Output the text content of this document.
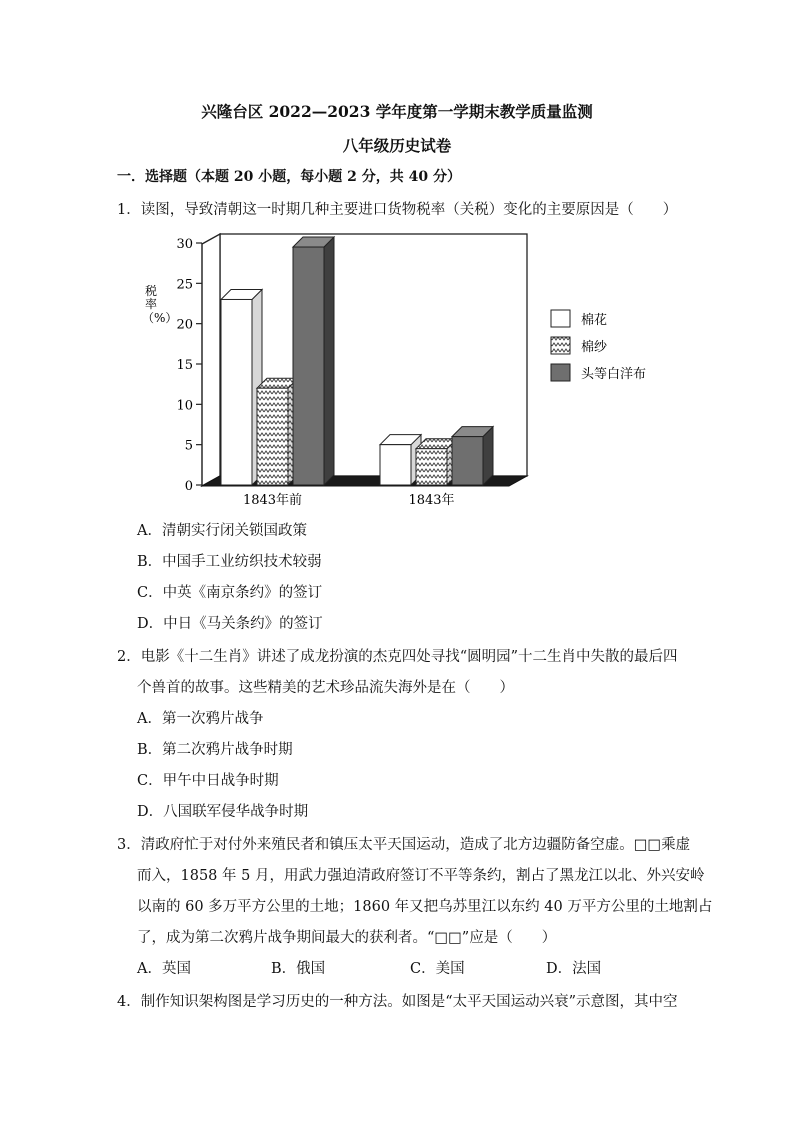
兴隆台区 2022—2023 学年度第一学期末教学质量监测
八年级历史试卷
一．选择题（本题 20 小题，每小题 2 分，共 40 分）
1．读图，导致清朝这一时期几种主要进口货物税率（关税）变化的主要原因是（　　）
0
5
10
15
20
25
30
1843年前	1843年
棉花
棉纱
头等白洋布
税
率
（%）
A．清朝实行闭关锁国政策
B．中国手工业纺织技术较弱
C．中英《南京条约》的签订
D．中日《马关条约》的签订
2．电影《十二生肖》讲述了成龙扮演的杰克四处寻找“圆明园”十二生肖中失散的最后四
个兽首的故事。这些精美的艺术珍品流失海外是在（　　）
A．第一次鸦片战争
B．第二次鸦片战争时期
C．甲午中日战争时期
D．八国联军侵华战争时期
3．清政府忙于对付外来殖民者和镇压太平天国运动，造成了北方边疆防备空虚。□□乘虚
而入，1858 年 5 月，用武力强迫清政府签订不平等条约，割占了黑龙江以北、外兴安岭
以南的 60 多万平方公里的土地；1860 年又把乌苏里江以东约 40 万平方公里的土地割占
了，成为第二次鸦片战争期间最大的获利者。“□□”应是（　　）
A．英国	B．俄国	C．美国	D．法国
4．制作知识架构图是学习历史的一种方法。如图是“太平天国运动兴衰”示意图，其中空
